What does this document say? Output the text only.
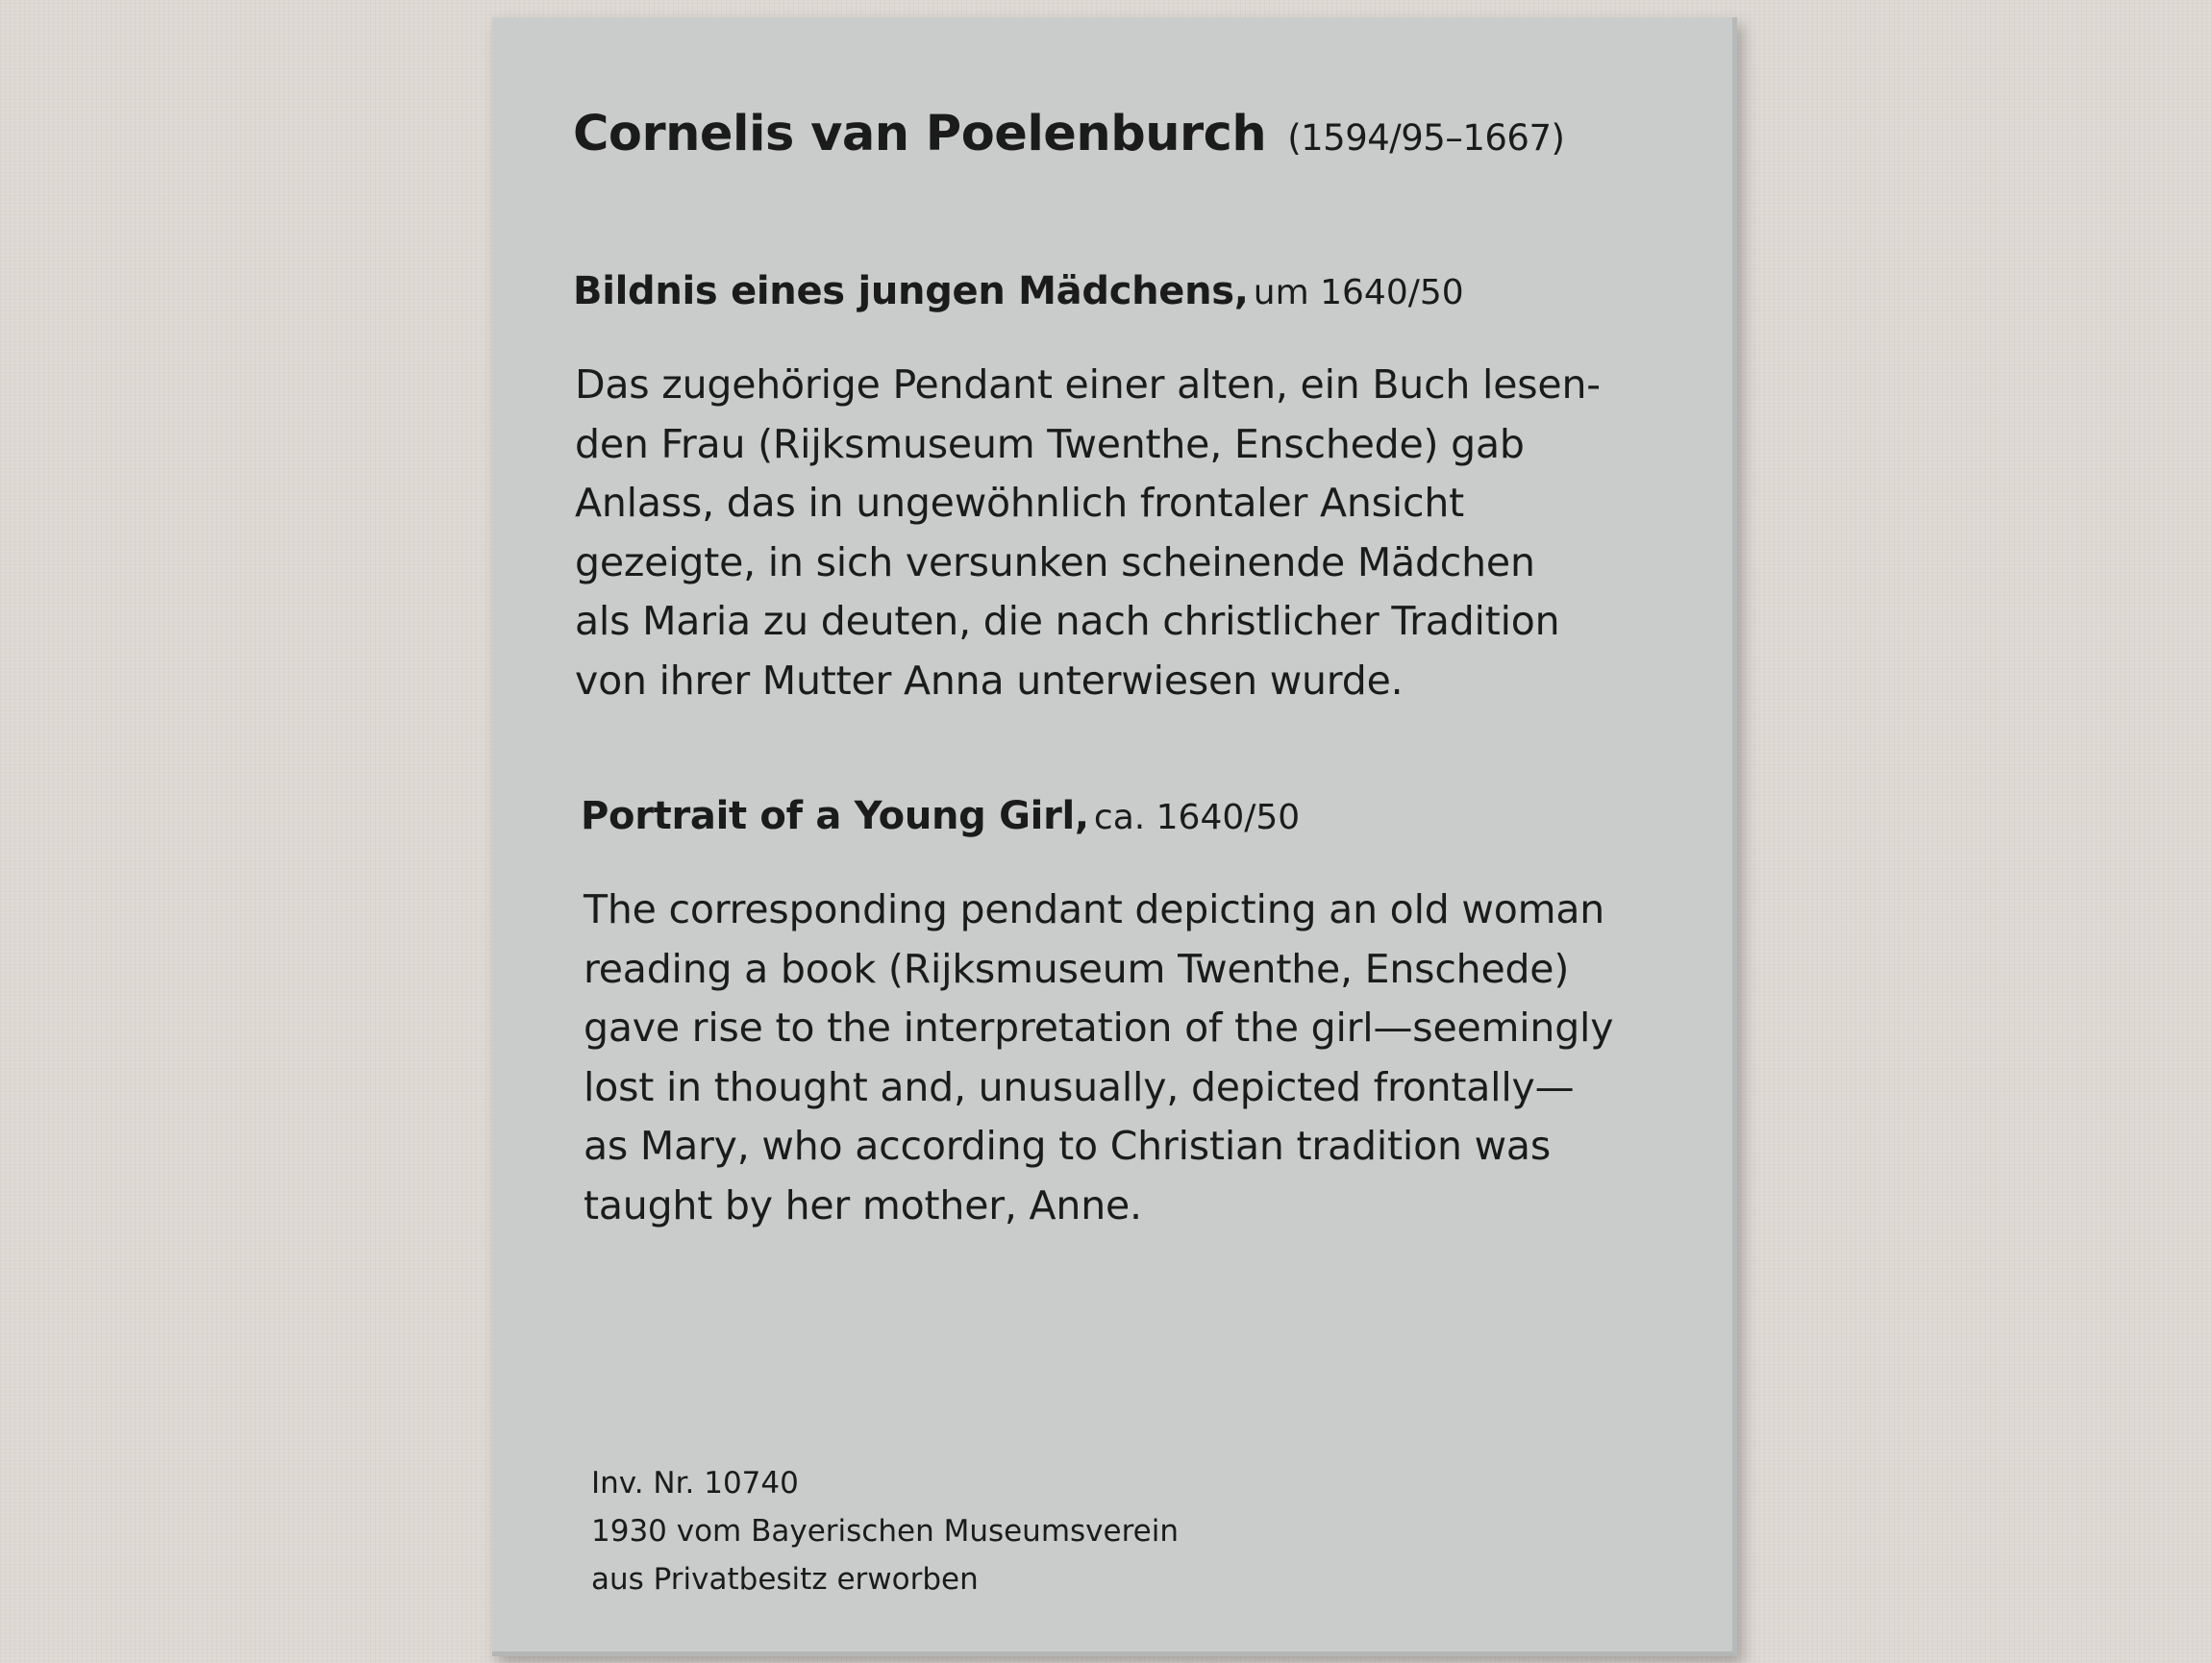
Cornelis van Poelenburch (1594/95–1667)
Bildnis eines jungen Mädchens, um 1640/50
Das zugehörige Pendant einer alten, ein Buch lesen-
den Frau (Rijksmuseum Twenthe, Enschede) gab
Anlass, das in ungewöhnlich frontaler Ansicht
gezeigte, in sich versunken scheinende Mädchen
als Maria zu deuten, die nach christlicher Tradition
von ihrer Mutter Anna unterwiesen wurde.
Portrait of a Young Girl, ca. 1640/50
The corresponding pendant depicting an old woman
reading a book (Rijksmuseum Twenthe, Enschede)
gave rise to the interpretation of the girl—seemingly
lost in thought and, unusually, depicted frontally—
as Mary, who according to Christian tradition was
taught by her mother, Anne.
Inv. Nr. 10740
1930 vom Bayerischen Museumsverein
aus Privatbesitz erworben
